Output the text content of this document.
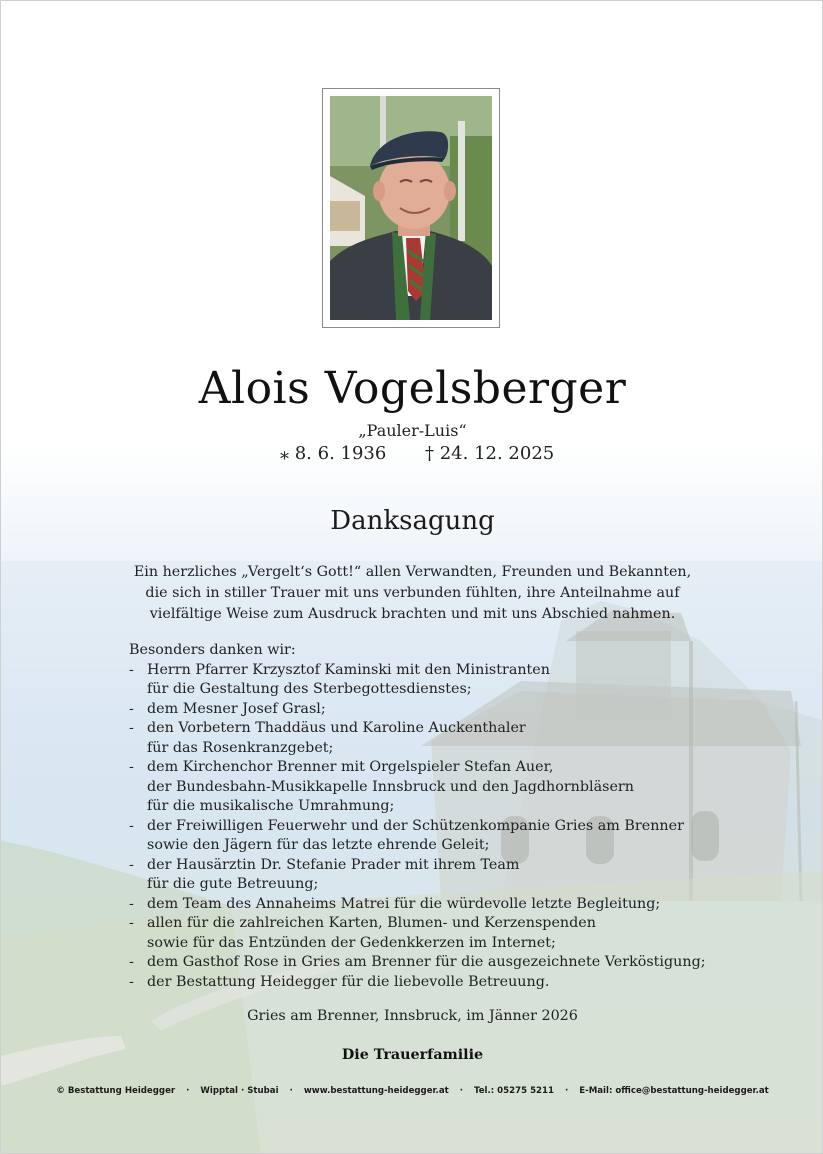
Alois Vogelsberger
„Pauler-Luis“
⁎ 8. 6. 1936 † 24. 12. 2025
Danksagung
Ein herzliches „Vergelt‘s Gott!“ allen Verwandten, Freunden und Bekannten, die sich in stiller Trauer mit uns verbunden fühlten, ihre Anteilnahme auf vielfältige Weise zum Ausdruck brachten und mit uns Abschied nahmen.
Besonders danken wir:
- Herrn Pfarrer Krzysztof Kaminski mit den Ministranten
für die Gestaltung des Sterbegottesdienstes;
- dem Mesner Josef Grasl;
- den Vorbetern Thaddäus und Karoline Auckenthaler
für das Rosenkranzgebet;
- dem Kirchenchor Brenner mit Orgelspieler Stefan Auer,
der Bundesbahn-Musikkapelle Innsbruck und den Jagdhornbläsern
für die musikalische Umrahmung;
- der Freiwilligen Feuerwehr und der Schützenkompanie Gries am Brenner
sowie den Jägern für das letzte ehrende Geleit;
- der Hausärztin Dr. Stefanie Prader mit ihrem Team
für die gute Betreuung;
- dem Team des Annaheims Matrei für die würdevolle letzte Begleitung;
- allen für die zahlreichen Karten, Blumen- und Kerzenspenden
sowie für das Entzünden der Gedenkkerzen im Internet;
- dem Gasthof Rose in Gries am Brenner für die ausgezeichnete Verköstigung;
- der Bestattung Heidegger für die liebevolle Betreuung.
Gries am Brenner, Innsbruck, im Jänner 2026
Die Trauerfamilie
© Bestattung Heidegger · Wipptal · Stubai · www.bestattung-heidegger.at · Tel.: 05275 5211 · E-Mail: office@bestattung-heidegger.at
